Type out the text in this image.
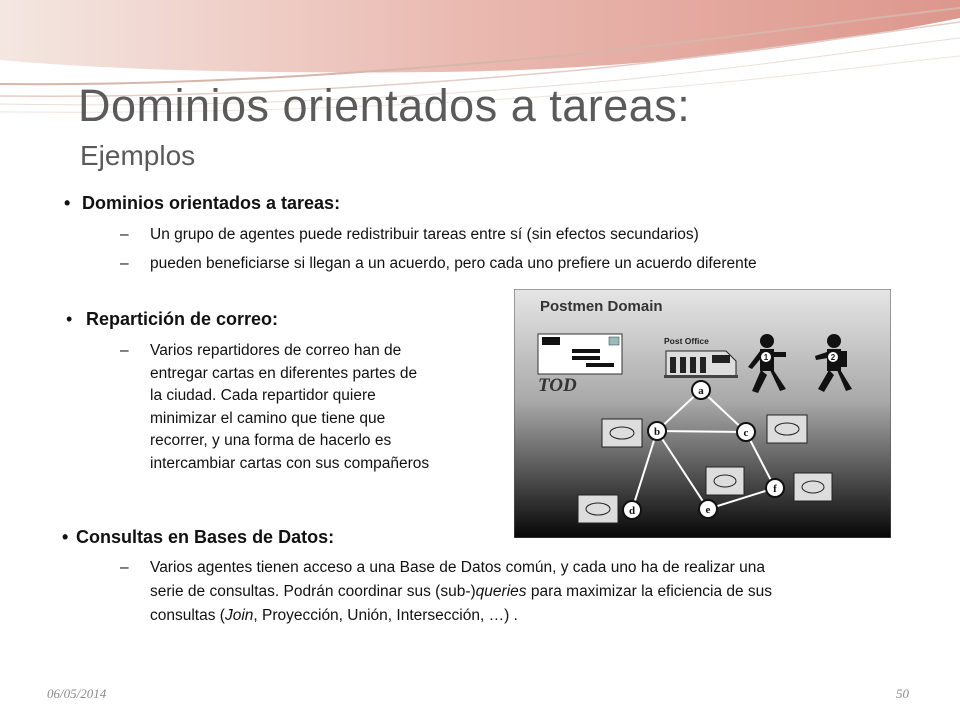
Dominios orientados a tareas:
Ejemplos
• Dominios orientados a tareas:
– Un grupo de agentes puede redistribuir tareas entre sí (sin efectos secundarios)
– pueden beneficiarse si llegan a un acuerdo, pero cada uno prefiere un acuerdo diferente
• Repartición de correo:
– Varios repartidores de correo han de
entregar cartas en diferentes partes de
la ciudad. Cada repartidor quiere
minimizar el camino que tiene que
recorrer, y una forma de hacerlo es
intercambiar cartas con sus compañeros
Postmen Domain
TOD
Post Office
1	2
a
b	c
d	e
f
• Consultas en Bases de Datos:
– Varios agentes tienen acceso a una Base de Datos común, y cada uno ha de realizar una
serie de consultas. Podrán coordinar sus (sub-)queries para maximizar la eficiencia de sus
consultas (Join, Proyección, Unión, Intersección, …) .
06/05/2014	50
